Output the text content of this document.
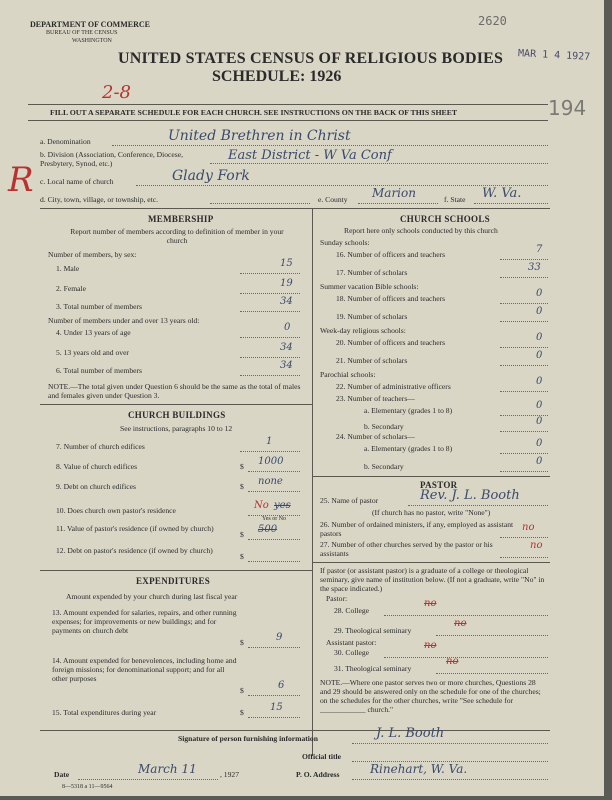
DEPARTMENT OF COMMERCE
BUREAU OF THE CENSUS
WASHINGTON
UNITED STATES CENSUS OF RELIGIOUS BODIES
SCHEDULE: 1926
2620
MAR 1 4 1927
2-8
194
FILL OUT A SEPARATE SCHEDULE FOR EACH CHURCH. SEE INSTRUCTIONS ON THE BACK OF THIS SHEET
R
a. Denomination	United Brethren in Christ
b. Division (Association, Conference, Diocese, Presbytery, Synod, etc.)
East District - W Va Conf
c. Local name of church	Glady Fork
d. City, town, village, or township, etc.	e. County Marion	f. State W. Va.
MEMBERSHIP
Report number of members according to definition of member in your church
Number of members, by sex:
1. Male	15
2. Female	19
3. Total number of members	34
Number of members under and over 13 years old:
4. Under 13 years of age	0
5. 13 years old and over	34
6. Total number of members	34
NOTE.—The total given under Question 6 should be the same as the total of males and females given under Question 3.
CHURCH BUILDINGS
See instructions, paragraphs 10 to 12
7. Number of church edifices	1
8. Value of church edifices	$ 1000
9. Debt on church edifices	$ none
10. Does church own pastor's residence	No yes
Yes or No
11. Value of pastor's residence (if owned by church)
$ 500
12. Debt on pastor's residence (if owned by church)
$
EXPENDITURES
Amount expended by your church during last fiscal year
13. Amount expended for salaries, repairs, and other running expenses; for improvements or new buildings; and for payments on church debt
$	9
14. Amount expended for benevolences, including home and foreign missions; for denominational support; and for all other purposes
$	6
15. Total expenditures during year	$	15
CHURCH SCHOOLS
Report here only schools conducted by this church
Sunday schools:
16. Number of officers and teachers	7
17. Number of scholars	33
Summer vacation Bible schools:
18. Number of officers and teachers	0
19. Number of scholars	0
Week-day religious schools:
20. Number of officers and teachers	0
21. Number of scholars	0
Parochial schools:
22. Number of administrative officers	0
23. Number of teachers—
a. Elementary (grades 1 to 8)	0
b. Secondary	0
24. Number of scholars—
a. Elementary (grades 1 to 8)	0
b. Secondary	0
PASTOR
25. Name of pastor	Rev. J. L. Booth
(If church has no pastor, write "None")
26. Number of ordained ministers, if any, employed as assistant pastors
no
27. Number of other churches served by the pastor or his assistants
no
If pastor (or assistant pastor) is a graduate of a college or theological seminary, give name of institution below. (If not a graduate, write "No" in the space indicated.)
Pastor:
28. College
no
29. Theological seminary
no
Assistant pastor:
30. College
no
31. Theological seminary
no
NOTE.—Where one pastor serves two or more churches, Questions 28 and 29 should be answered only on the schedule for one of the churches; on the schedules for the other churches, write "See schedule for ____________ church."
Signature of person furnishing information	J. L. Booth
Official title
Date	March 11	, 1927	P. O. Address	Rinehart, W. Va.
8—5318 a 11—9564
